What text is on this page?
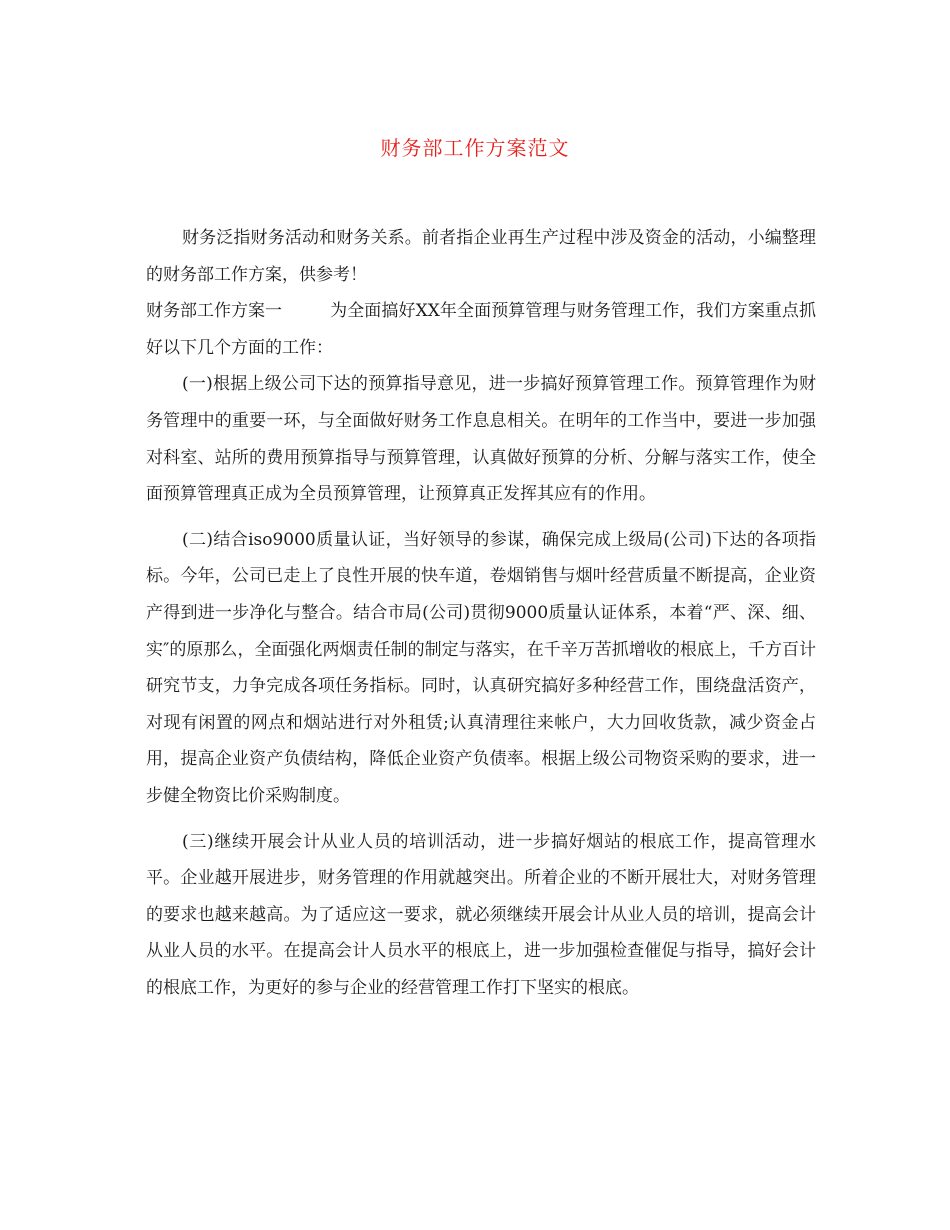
财务部工作方案范文

财务泛指财务活动和财务关系。前者指企业再生产过程中涉及资金的活动，小编整理的财务部工作方案，供参考！

财务部工作方案一	为全面搞好XX年全面预算管理与财务管理工作，我们方案重点抓好以下几个方面的工作：

(一)根据上级公司下达的预算指导意见，进一步搞好预算管理工作。预算管理作为财务管理中的重要一环，与全面做好财务工作息息相关。在明年的工作当中，要进一步加强对科室、站所的费用预算指导与预算管理，认真做好预算的分析、分解与落实工作，使全面预算管理真正成为全员预算管理，让预算真正发挥其应有的作用。

(二)结合iso9000质量认证，当好领导的参谋，确保完成上级局(公司)下达的各项指标。今年，公司已走上了良性开展的快车道，卷烟销售与烟叶经营质量不断提高，企业资产得到进一步净化与整合。结合市局(公司)贯彻9000质量认证体系，本着“严、深、细、实″的原那么，全面强化两烟责任制的制定与落实，在千辛万苦抓增收的根底上，千方百计研究节支，力争完成各项任务指标。同时，认真研究搞好多种经营工作，围绕盘活资产，对现有闲置的网点和烟站进行对外租赁;认真清理往来帐户，大力回收货款，减少资金占用，提高企业资产负债结构，降低企业资产负债率。根据上级公司物资采购的要求，进一步健全物资比价采购制度。

(三)继续开展会计从业人员的培训活动，进一步搞好烟站的根底工作，提高管理水平。企业越开展进步，财务管理的作用就越突出。所着企业的不断开展壮大，对财务管理的要求也越来越高。为了适应这一要求，就必须继续开展会计从业人员的培训，提高会计从业人员的水平。在提高会计人员水平的根底上，进一步加强检查催促与指导，搞好会计的根底工作，为更好的参与企业的经营管理工作打下坚实的根底。
